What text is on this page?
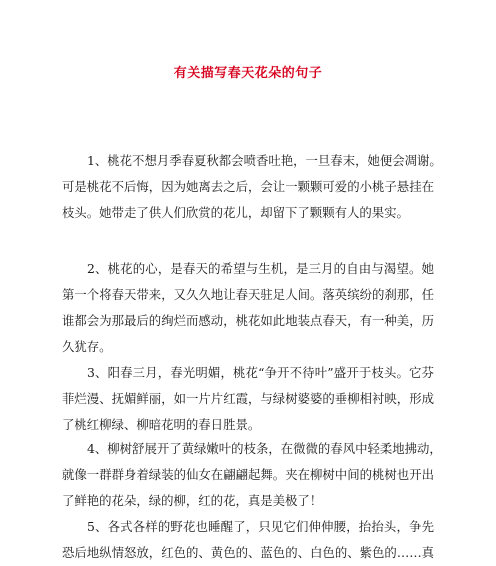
有关描写春天花朵的句子
1、桃花不想月季春夏秋都会喷香吐艳，一旦春末，她便会凋谢。
可是桃花不后悔，因为她离去之后，会让一颗颗可爱的小桃子悬挂在
枝头。她带走了供人们欣赏的花儿，却留下了颗颗有人的果实。
2、桃花的心，是春天的希望与生机，是三月的自由与渴望。她
第一个将春天带来，又久久地让春天驻足人间。落英缤纷的刹那，任
谁都会为那最后的绚烂而感动，桃花如此地装点春天，有一种美，历
久犹存。
3、阳春三月，春光明媚，桃花“争开不待叶”盛开于枝头。它芬
菲烂漫、抚媚鲜丽，如一片片红霞，与绿树婆婆的垂柳相衬映，形成
了桃红柳绿、柳暗花明的春日胜景。
4、柳树舒展开了黄绿嫩叶的枝条，在微微的春风中轻柔地拂动，
就像一群群身着绿装的仙女在翩翩起舞。夹在柳树中间的桃树也开出
了鲜艳的花朵，绿的柳，红的花，真是美极了！
5、各式各样的野花也睡醒了，只见它们伸伸腰，抬抬头，争先
恐后地纵情怒放，红色的、黄色的、蓝色的、白色的、紫色的……真
